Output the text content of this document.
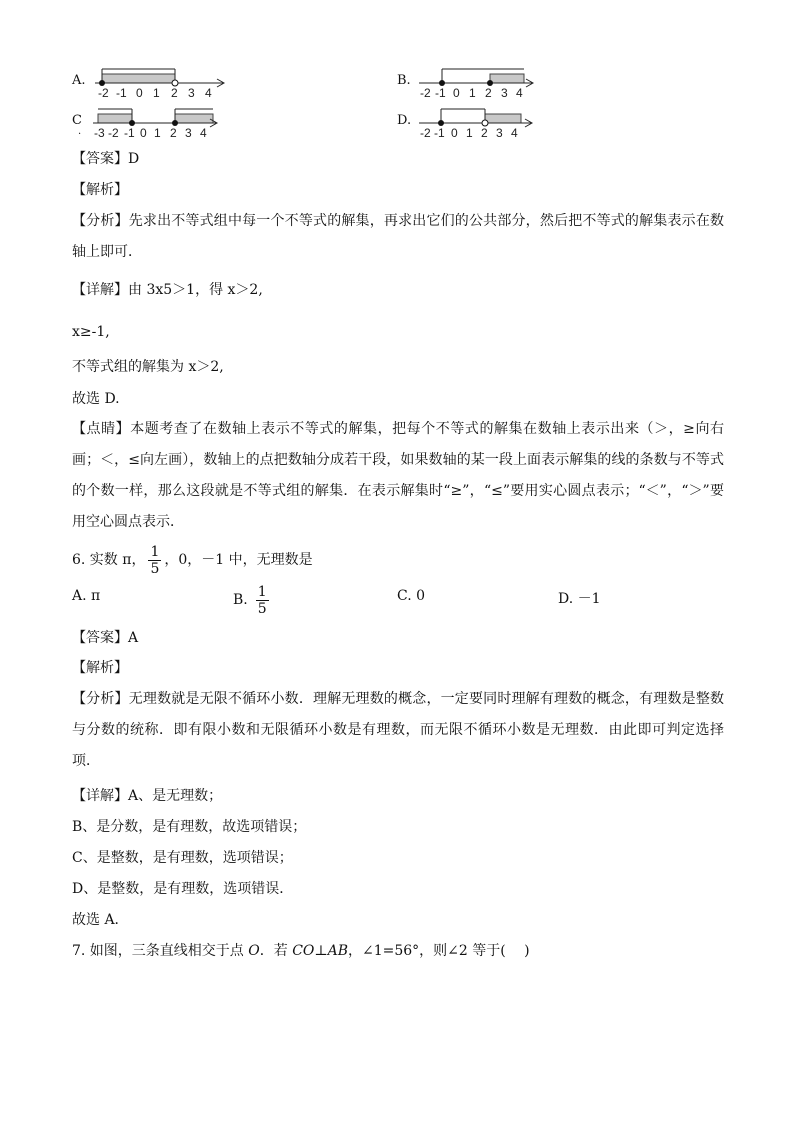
A.
-2 -1 0 1 2 3 4
B.
-2 -1 0 1 2 3 4
C
-3 -2 -1 0 1 2 3 4
.
D.
-2 -1 0 1 2 3 4
【答案】D
【解析】
【分析】先求出不等式组中每一个不等式的解集，再求出它们的公共部分，然后把不等式的解集表示在数轴上即可．
【详解】由 3x5＞1，得 x＞2,
x≥-1,
不等式组的解集为 x＞2,
故选 D.
【点睛】本题考查了在数轴上表示不等式的解集，把每个不等式的解集在数轴上表示出来（＞，≥向右画；＜，≤向左画），数轴上的点把数轴分成若干段，如果数轴的某一段上面表示解集的线的条数与不等式的个数一样，那么这段就是不等式组的解集．在表示解集时“≥”，“≤”要用实心圆点表示；“＜”，“＞”要用空心圆点表示．
6. 实数 π， $\frac{1}{5}$ ，0，－1 中，无理数是
A. π	B. $\frac{1}{5}$	C. 0	D. －1
【答案】A
【解析】
【分析】无理数就是无限不循环小数．理解无理数的概念，一定要同时理解有理数的概念，有理数是整数与分数的统称．即有限小数和无限循环小数是有理数，而无限不循环小数是无理数．由此即可判定选择项．
【详解】A、是无理数；
B、是分数，是有理数，故选项错误；
C、是整数，是有理数，选项错误；
D、是整数，是有理数，选项错误．
故选 A．
7. 如图，三条直线相交于点 O．若 CO⊥AB，∠1=56°，则∠2 等于(　 )
